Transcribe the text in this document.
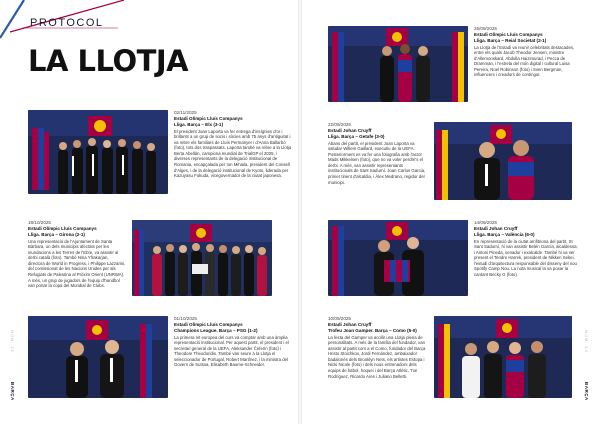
PROTOCOL
LA LLOTJA
02/11/2025
Estadi Olímpic Lluís Companys
Lliga. Barça – Elx (3-1)
El president Joan Laporta va fer entrega d'insígnies d'or i brillants a un grup de socis i sòcies amb 75 anys d'antiguitat i va rebre els familiars de Lluís Permanyer i d'Anna Ballarbó (foto), tots dos traspassats. Laporta també va rebre a la Llotja Berta Abellán, campiona mundial de TrialGP el 2025, i diverses representants de la delegació institucional de Romania, encapçalada per Ion Mihaila, president del Consell d'Alges, i de la delegació institucional de Kyoto, liderada per Kazuyasu Fukuda, vicegovernador de la ciutat japonesa.
18/10/2025
Estadi Olímpic Lluís Companys
Lliga. Barça – Girona (2-1)
Una representació de l'Ajuntament de Santa Bàrbara, un dels municipis afectats per les inundacions a les Terres de l'Ebre, va assistir al derbi català (foto). També Nina Yfrakarjan, directora de World in Progress, i Philippe Lazzarini, del comissionat de les Nacions Unides per als Refugiats de Palestina al Pròxim Orient (UNRWA). A més, un grup de jugadors de l'equip d'handbol van portar la copa del Mundial de Clubs.
01/10/2025
Estadi Olímpic Lluís Companys
Champions League. Barça – PSG (1-2)
La primera nit europea del curs va comptar amb una àmplia representació institucional. Per aquest partit, el president i el secretari general de la UEFA, Aleksander Čeferin (foto) i Theodore Theodoridis. També van seure a la Llotja el seleccionador de Portugal, Robert Martínez, i la ministra del Govern de Suïssa, Elisabeth Baume-Schneider.
NÚM. 12
BARÇA
26/09/2025
Estadi Olímpic Lluís Companys
Lliga. Barça – Reial Societat (2-1)
La Llotja de l'Estadi va reunir celebritats destacades, entre els quals Jacob Theodor Jensen, ministre d'Allemonskard, Abdulla Haizimurad, i Pecca de Dramman, i l'estrela del món digital i cultural Luisa Pereira, Noel Robinson (foto) i Sven Bergman, influencers i creadors de contingut.
22/09/2025
Estadi Johan Cruyff
Lliga. Barça – Getafe (3-0)
Abans del partit, el president Joan Laporta va saludar Willem Gaillard, executiu de la UEFA. Posteriorment es va fer una fotografia amb l'actor Mads Mikkelsen (foto), que no va voler perdre's el derbi. A més, van assistir representants institucionals de Sant Sadurní. Joan Carlos Garcia, primer tinent d'alcaldia, i Àlex Medrano, regidor del municipi.
14/09/2025
Estadi Johan Cruyff
Lliga. Barça – València (6-0)
En representació de la ciutat amfitriona del partit, St Sant Sadurní, hi van assistir Belén García, alcaldessa; i Antoni Pineda, senador i exalcalde. També hi va ser present el Tendre Harrek, president de Nikken Sekei, l'estudi d'arquitectura responsable del disseny del nou Spotify Camp Nou. La nota musical la va posar la cantant Becky G (foto).
10/09/2025
Estadi Johan Cruyff
Trofeu Joan Gamper. Barça – Como (5-0)
La festa del Gamper va acollir una Llotja plena de personalitats. A més de la família del fundador, van assistir al partit com a el Como, fundador del Barça Hristo Stoichkov, Jordi Fernández, ambaixador badalonés dels Brooklyn Nets, els artistes Estopa i Nicki Nicole (foto) i dels nous entrenadors dels equips de futbol, hoquei i del Barça Atlètic, Txe Rodríguez, Ricardo Ares i Juliano Belletti.
NÚM. 13
BARÇA
